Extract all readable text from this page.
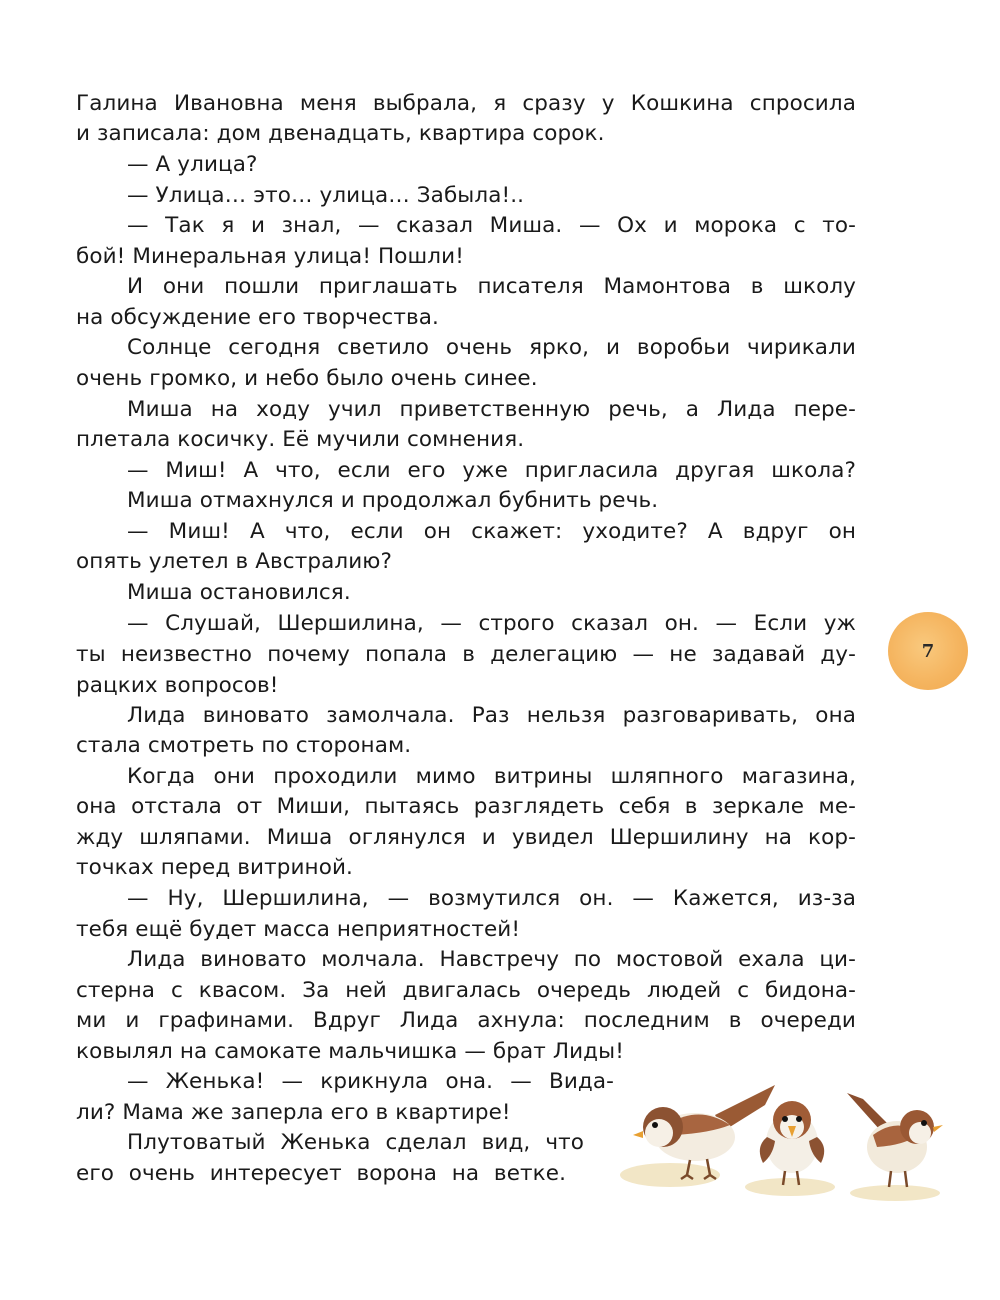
Галина Ивановна меня выбрала, я сразу у Кошкина спросила
и записала: дом двенадцать, квартира сорок.
— А улица?
— Улица… это… улица… Забыла!..
— Так я и знал, — сказал Миша. — Ох и морока с то-
бой! Минеральная улица! Пошли!
И они пошли приглашать писателя Мамонтова в школу
на обсуждение его творчества.
Солнце сегодня светило очень ярко, и воробьи чирикали
очень громко, и небо было очень синее.
Миша на ходу учил приветственную речь, а Лида пере-
плетала косичку. Её мучили сомнения.
— Миш! А что, если его уже пригласила другая школа?
Миша отмахнулся и продолжал бубнить речь.
— Миш! А что, если он скажет: уходите? А вдруг он
опять улетел в Австралию?
Миша остановился.
— Слушай, Шершилина, — строго сказал он. — Если уж
ты неизвестно почему попала в делегацию — не задавай ду-
рацких вопросов!
Лида виновато замолчала. Раз нельзя разговаривать, она
стала смотреть по сторонам.
Когда они проходили мимо витрины шляпного магазина,
она отстала от Миши, пытаясь разглядеть себя в зеркале ме-
жду шляпами. Миша оглянулся и увидел Шершилину на кор-
точках перед витриной.
— Ну, Шершилина, — возмутился он. — Кажется, из-за
тебя ещё будет масса неприятностей!
Лида виновато молчала. Навстречу по мостовой ехала ци-
стерна с квасом. За ней двигалась очередь людей с бидона-
ми и графинами. Вдруг Лида ахнула: последним в очереди
ковылял на самокате мальчишка — брат Лиды!
— Женька! — крикнула она. — Вида-
ли? Мама же заперла его в квартире!
Плутоватый Женька сделал вид, что
его очень интересует ворона на ветке.
7
